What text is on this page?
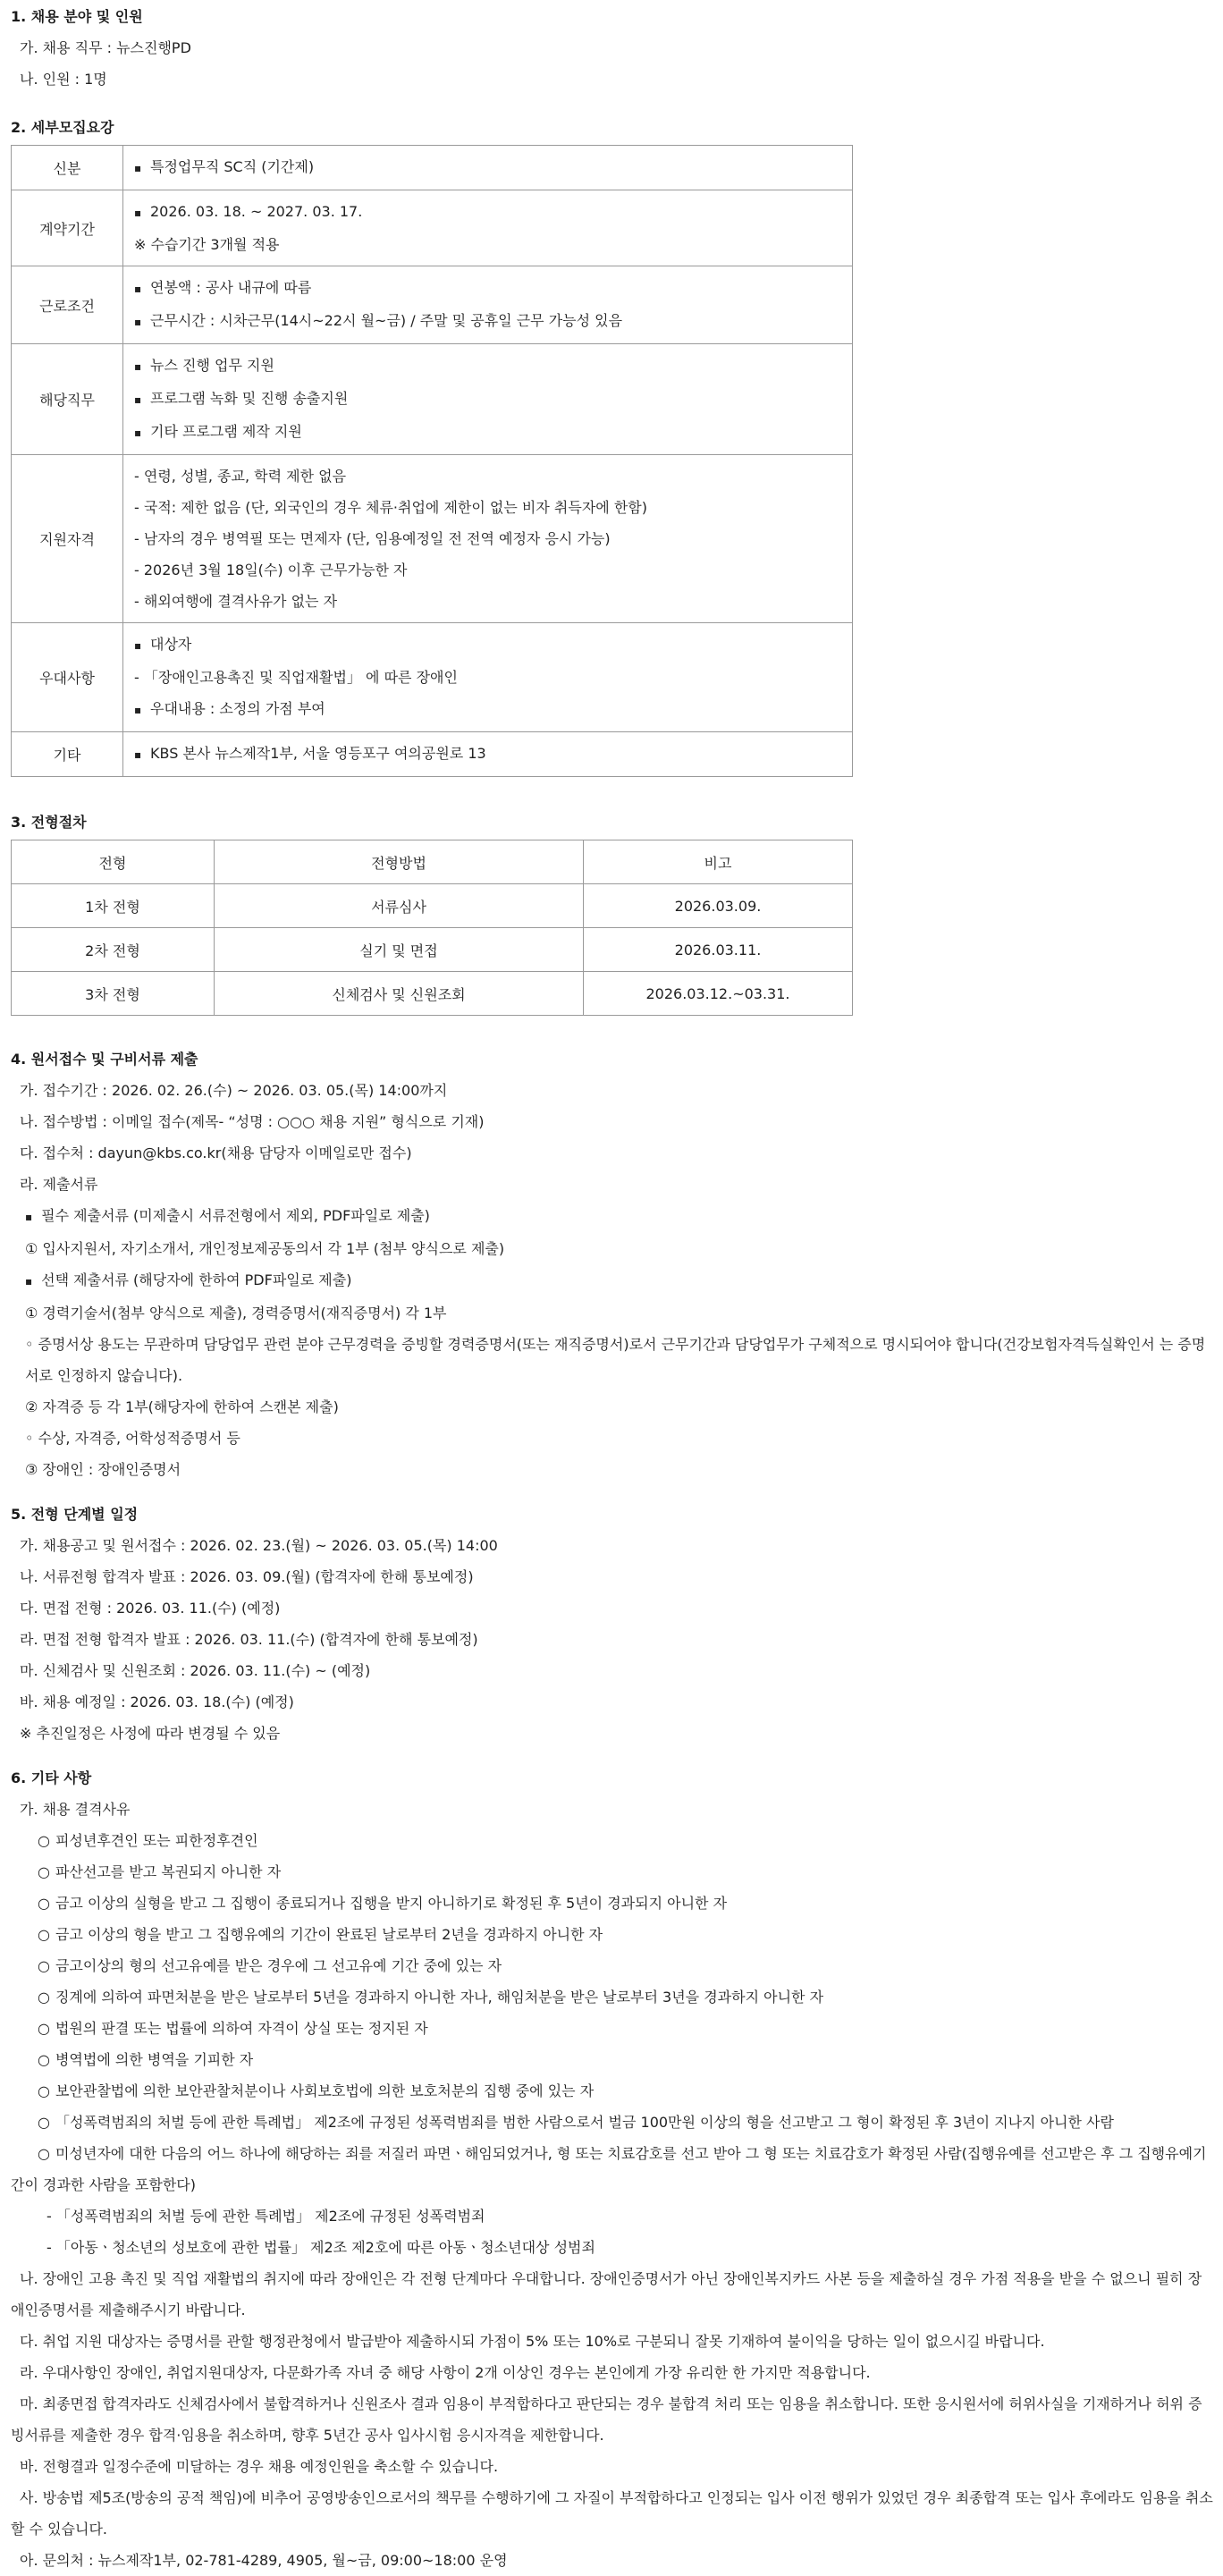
1. 채용 분야 및 인원

가. 채용 직무 : 뉴스진행PD

나. 인원 : 1명

2. 세부모집요강

신분	▪ 특정업무직 SC직 (기간제)

계약기간	▪ 2026. 03. 18. ~ 2027. 03. 17.
※ 수습기간 3개월 적용

근로조건	▪ 연봉액 : 공사 내규에 따름
▪ 근무시간 : 시차근무(14시~22시 월~금) / 주말 및 공휴일 근무 가능성 있음

해당직무	▪ 뉴스 진행 업무 지원
▪ 프로그램 녹화 및 진행 송출지원
▪ 기타 프로그램 제작 지원

지원자격	- 연령, 성별, 종교, 학력 제한 없음
- 국적: 제한 없음 (단, 외국인의 경우 체류·취업에 제한이 없는 비자 취득자에 한함)
- 남자의 경우 병역필 또는 면제자 (단, 임용예정일 전 전역 예정자 응시 가능)
- 2026년 3월 18일(수) 이후 근무가능한 자
- 해외여행에 결격사유가 없는 자

우대사항	▪ 대상자
- 「장애인고용촉진 및 직업재활법」 에 따른 장애인
▪ 우대내용 : 소정의 가점 부여

기타	▪ KBS 본사 뉴스제작1부, 서울 영등포구 여의공원로 13

3. 전형절차

전형	전형방법	비고
1차 전형	서류심사	2026.03.09.
2차 전형	실기 및 면접	2026.03.11.
3차 전형	신체검사 및 신원조회	2026.03.12.~03.31.

4. 원서접수 및 구비서류 제출

가. 접수기간 : 2026. 02. 26.(수) ~ 2026. 03. 05.(목) 14:00까지

나. 접수방법 : 이메일 접수(제목- “성명 : ○○○ 채용 지원” 형식으로 기재)

다. 접수처 : dayun@kbs.co.kr(채용 담당자 이메일로만 접수)

라. 제출서류

▪ 필수 제출서류 (미제출시 서류전형에서 제외, PDF파일로 제출)

① 입사지원서, 자기소개서, 개인정보제공동의서 각 1부 (첨부 양식으로 제출)

▪ 선택 제출서류 (해당자에 한하여 PDF파일로 제출)

① 경력기술서(첨부 양식으로 제출), 경력증명서(재직증명서) 각 1부

◦ 증명서상 용도는 무관하며 담당업무 관련 분야 근무경력을 증빙할 경력증명서(또는 재직증명서)로서 근무기간과 담당업무가 구체적으로 명시되어야 합니다(건강보험자격득실확인서 는 증명서로 인정하지 않습니다).

② 자격증 등 각 1부(해당자에 한하여 스캔본 제출)

◦ 수상, 자격증, 어학성적증명서 등

③ 장애인 : 장애인증명서

5. 전형 단계별 일정

가. 채용공고 및 원서접수 : 2026. 02. 23.(월) ~ 2026. 03. 05.(목) 14:00

나. 서류전형 합격자 발표 : 2026. 03. 09.(월) (합격자에 한해 통보예정)

다. 면접 전형 : 2026. 03. 11.(수) (예정)

라. 면접 전형 합격자 발표 : 2026. 03. 11.(수) (합격자에 한해 통보예정)

마. 신체검사 및 신원조회 : 2026. 03. 11.(수) ~ (예정)

바. 채용 예정일 : 2026. 03. 18.(수) (예정)

※ 추진일정은 사정에 따라 변경될 수 있음

6. 기타 사항

가. 채용 결격사유

○ 피성년후견인 또는 피한정후견인

○ 파산선고를 받고 복권되지 아니한 자

○ 금고 이상의 실형을 받고 그 집행이 종료되거나 집행을 받지 아니하기로 확정된 후 5년이 경과되지 아니한 자

○ 금고 이상의 형을 받고 그 집행유예의 기간이 완료된 날로부터 2년을 경과하지 아니한 자

○ 금고이상의 형의 선고유예를 받은 경우에 그 선고유예 기간 중에 있는 자

○ 징계에 의하여 파면처분을 받은 날로부터 5년을 경과하지 아니한 자나, 해임처분을 받은 날로부터 3년을 경과하지 아니한 자

○ 법원의 판결 또는 법률에 의하여 자격이 상실 또는 정지된 자

○ 병역법에 의한 병역을 기피한 자

○ 보안관찰법에 의한 보안관찰처분이나 사회보호법에 의한 보호처분의 집행 중에 있는 자

○ 「성폭력범죄의 처벌 등에 관한 특례법」 제2조에 규정된 성폭력범죄를 범한 사람으로서 벌금 100만원 이상의 형을 선고받고 그 형이 확정된 후 3년이 지나지 아니한 사람

○ 미성년자에 대한 다음의 어느 하나에 해당하는 죄를 저질러 파면ㆍ해임되었거나, 형 또는 치료감호를 선고 받아 그 형 또는 치료감호가 확정된 사람(집행유예를 선고받은 후 그 집행유예기간이 경과한 사람을 포함한다)

- 「성폭력범죄의 처벌 등에 관한 특례법」 제2조에 규정된 성폭력범죄

- 「아동ㆍ청소년의 성보호에 관한 법률」 제2조 제2호에 따른 아동ㆍ청소년대상 성범죄

나. 장애인 고용 촉진 및 직업 재활법의 취지에 따라 장애인은 각 전형 단계마다 우대합니다. 장애인증명서가 아닌 장애인복지카드 사본 등을 제출하실 경우 가점 적용을 받을 수 없으니 필히 장애인증명서를 제출해주시기 바랍니다.

다. 취업 지원 대상자는 증명서를 관할 행정관청에서 발급받아 제출하시되 가점이 5% 또는 10%로 구분되니 잘못 기재하여 불이익을 당하는 일이 없으시길 바랍니다.

라. 우대사항인 장애인, 취업지원대상자, 다문화가족 자녀 중 해당 사항이 2개 이상인 경우는 본인에게 가장 유리한 한 가지만 적용합니다.

마. 최종면접 합격자라도 신체검사에서 불합격하거나 신원조사 결과 임용이 부적합하다고 판단되는 경우 불합격 처리 또는 임용을 취소합니다. 또한 응시원서에 허위사실을 기재하거나 허위 증빙서류를 제출한 경우 합격·임용을 취소하며, 향후 5년간 공사 입사시험 응시자격을 제한합니다.

바. 전형결과 일정수준에 미달하는 경우 채용 예정인원을 축소할 수 있습니다.

사. 방송법 제5조(방송의 공적 책임)에 비추어 공영방송인으로서의 책무를 수행하기에 그 자질이 부적합하다고 인정되는 입사 이전 행위가 있었던 경우 최종합격 또는 입사 후에라도 임용을 취소할 수 있습니다.

아. 문의처 : 뉴스제작1부, 02-781-4289, 4905, 월~금, 09:00~18:00 운영
